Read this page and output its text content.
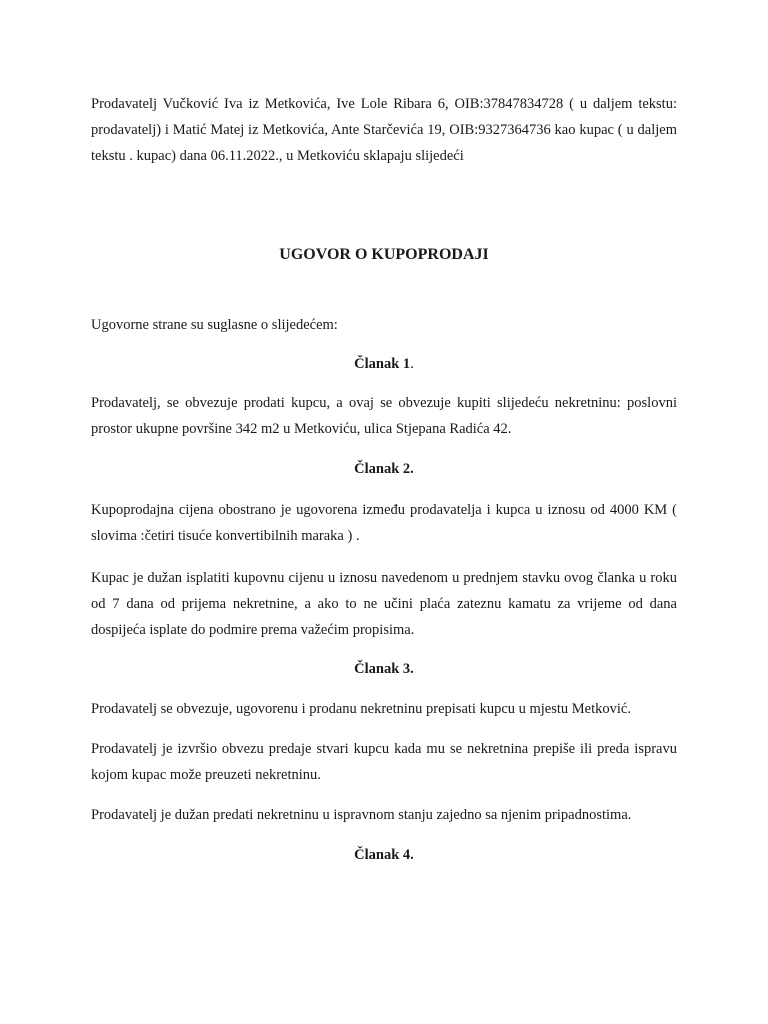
Prodavatelj Vučković Iva iz Metkovića, Ive Lole Ribara 6, OIB:37847834728 ( u daljem tekstu: prodavatelj) i Matić Matej iz Metkovića, Ante Starčevića 19, OIB:9327364736 kao kupac ( u daljem tekstu . kupac) dana 06.11.2022., u Metkoviću sklapaju slijedeći

UGOVOR O KUPOPRODAJI

Ugovorne strane su suglasne o slijedećem:

Članak 1.

Prodavatelj, se obvezuje prodati kupcu, a ovaj se obvezuje kupiti slijedeću nekretninu: poslovni prostor ukupne površine 342 m2 u Metkoviću, ulica Stjepana Radića 42.

Članak 2.

Kupoprodajna cijena obostrano je ugovorena između prodavatelja i kupca u iznosu od 4000 KM ( slovima :četiri tisuće konvertibilnih maraka ) .

Kupac je dužan isplatiti kupovnu cijenu u iznosu navedenom u prednjem stavku ovog članka u roku od 7 dana od prijema nekretnine, a ako to ne učini plaća zateznu kamatu za vrijeme od dana dospijeća isplate do podmire prema važećim propisima.

Članak 3.

Prodavatelj se obvezuje, ugovorenu i prodanu nekretninu prepisati kupcu u mjestu Metković.

Prodavatelj je izvršio obvezu predaje stvari kupcu kada mu se nekretnina prepiše ili preda ispravu kojom kupac može preuzeti nekretninu.

Prodavatelj je dužan predati nekretninu u ispravnom stanju zajedno sa njenim pripadnostima.

Članak 4.
